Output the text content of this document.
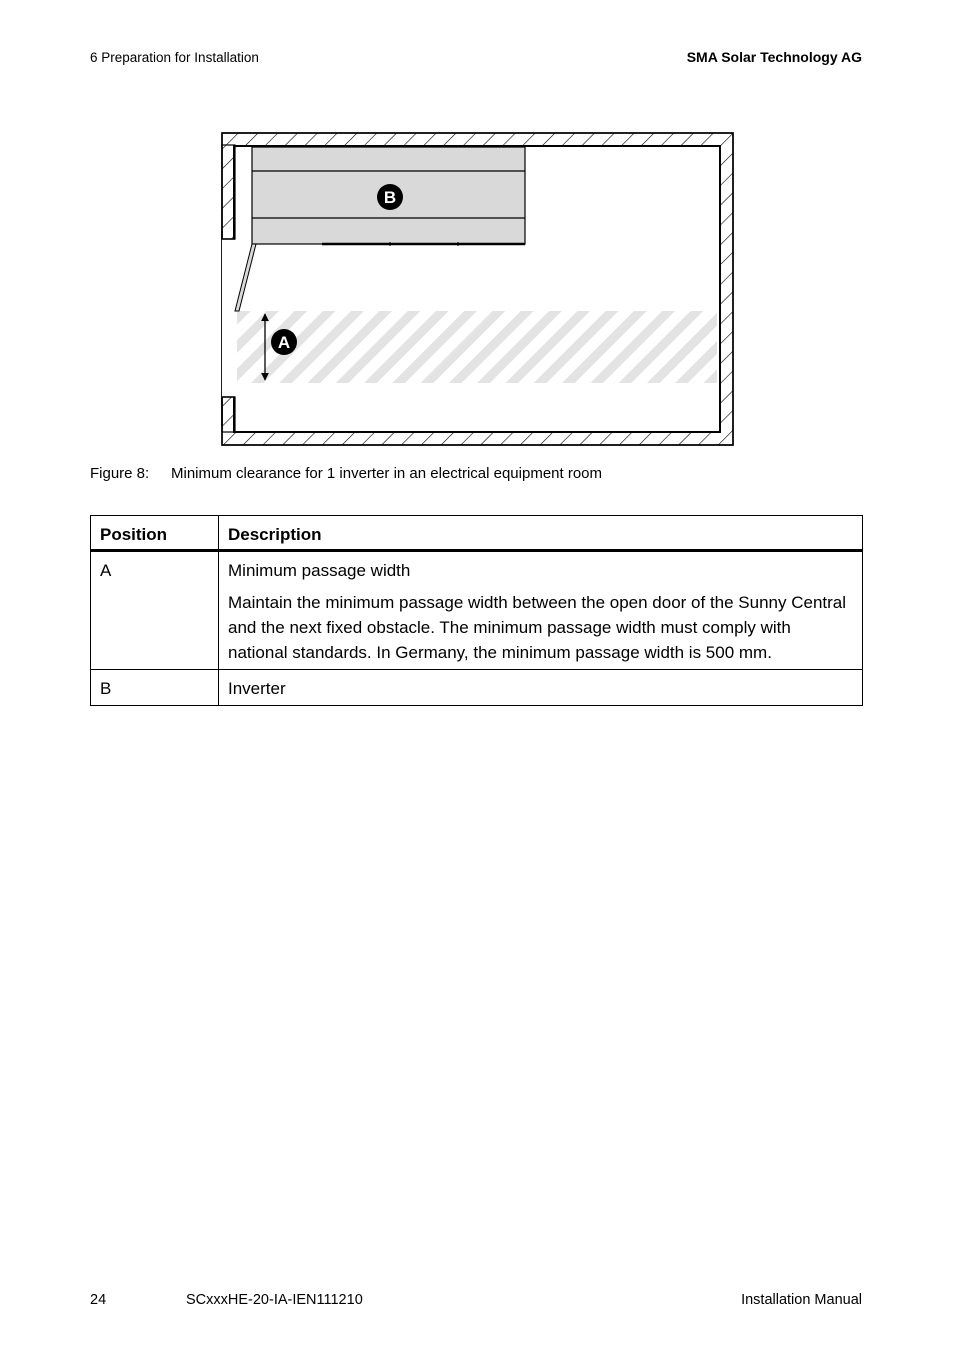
6 Preparation for Installation	SMA Solar Technology AG
B
A
Figure 8:	Minimum clearance for 1 inverter in an electrical equipment room
Position	Description
A	Minimum passage width

Maintain the minimum passage width between the open door of the Sunny Central and the next fixed obstacle. The minimum passage width must comply with national standards. In Germany, the minimum passage width is 500 mm.

B	Inverter

24	SCxxxHE-20-IA-IEN111210	Installation Manual
